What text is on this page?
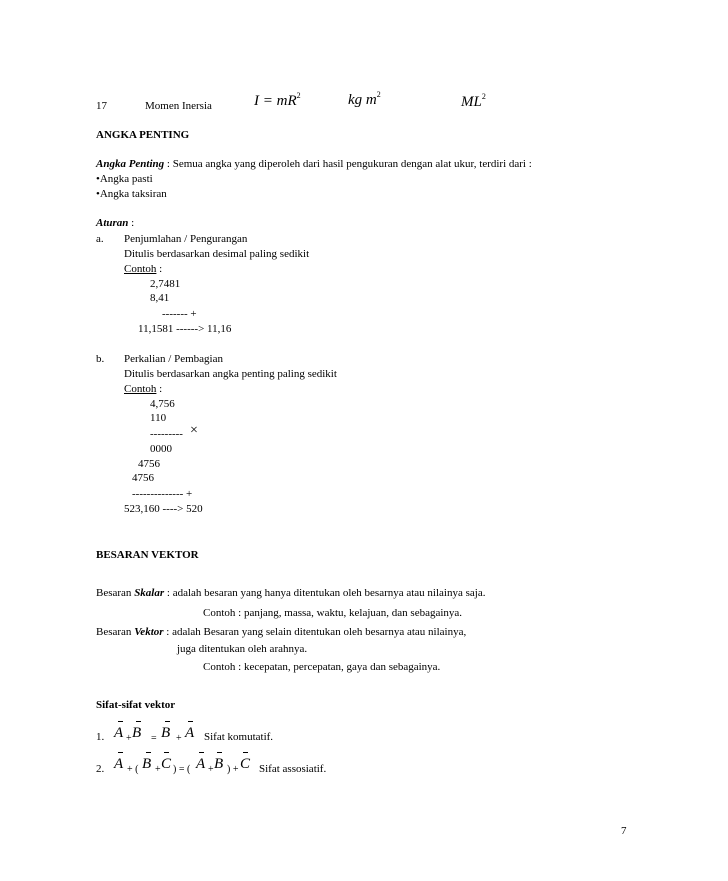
17	Momen Inersia	$I = mR^2$	kg $m^2$	$ML^2$
ANGKA PENTING
Angka Penting : Semua angka yang diperoleh dari hasil pengukuran dengan alat ukur, terdiri dari :
•Angka pasti
•Angka taksiran
Aturan :
a. Penjumlahan / Pengurangan
Ditulis berdasarkan desimal paling sedikit
Contoh :
2,7481
8,41
------- +
11,1581 ------> 11,16
b. Perkalian / Pembagian
Ditulis berdasarkan angka penting paling sedikit
Contoh :
4,756
110
--------- ×
0000
4756
4756
-------------- +
523,160 ----> 520
BESARAN VEKTOR
Besaran Skalar : adalah besaran yang hanya ditentukan oleh besarnya atau nilainya saja.
Contoh : panjang, massa, waktu, kelajuan, dan sebagainya.
Besaran Vektor : adalah Besaran yang selain ditentukan oleh besarnya atau nilainya,
juga ditentukan oleh arahnya.
Contoh : kecepatan, percepatan, gaya dan sebagainya.
Sifat-sifat vektor
1. A + B = B + A Sifat komutatif.
2. A + ( B + C ) = ( A + B ) + C Sifat assosiatif.
7
